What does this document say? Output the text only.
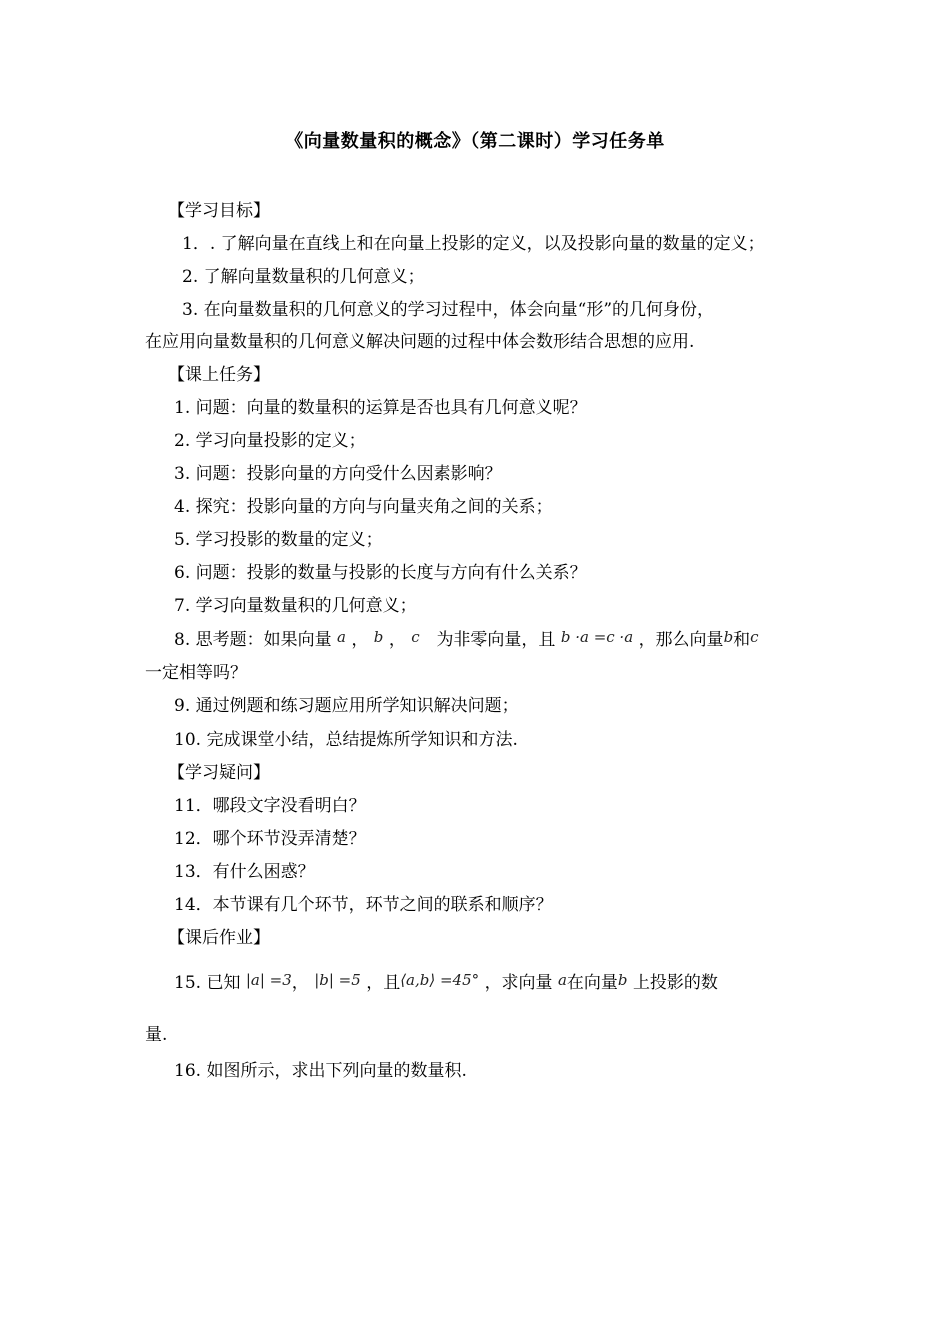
《向量数量积的概念》（第二课时）学习任务单
【学习目标】
1．. 了解向量在直线上和在向量上投影的定义，以及投影向量的数量的定义；
2. 了解向量数量积的几何意义；
3. 在向量数量积的几何意义的学习过程中，体会向量“形”的几何身份，
在应用向量数量积的几何意义解决问题的过程中体会数形结合思想的应用.
【课上任务】
1. 问题：向量的数量积的运算是否也具有几何意义呢？
2. 学习向量投影的定义；
3. 问题：投影向量的方向受什么因素影响？
4. 探究：投影向量的方向与向量夹角之间的关系；
5. 学习投影的数量的定义；
6. 问题：投影的数量与投影的长度与方向有什么关系？
7. 学习向量数量积的几何意义；
8. 思考题：如果向量 a ， b ， c 为非零向量，且 b ·a =c ·a ，那么向量b和c
一定相等吗？
9. 通过例题和练习题应用所学知识解决问题；
10. 完成课堂小结，总结提炼所学知识和方法.
【学习疑问】
11．哪段文字没看明白？
12．哪个环节没弄清楚？
13．有什么困惑？
14．本节课有几个环节，环节之间的联系和顺序？
【课后作业】
15. 已知 |a| =3， |b| =5 ，且⟨a,b⟩ =45° ，求向量 a在向量b 上投影的数
量.
16. 如图所示，求出下列向量的数量积.
